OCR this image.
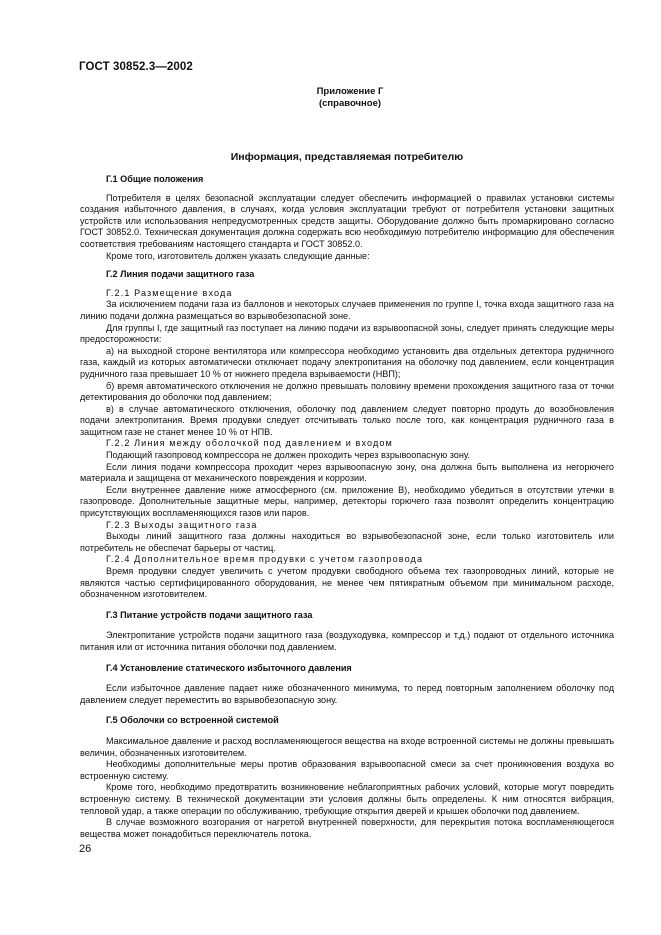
ГОСТ 30852.3—2002
Приложение Г
(справочное)
Информация, представляемая потребителю
Г.1 Общие положения

Потребителя в целях безопасной эксплуатации следует обеспечить информацией о правилах установки системы создания избыточного давления, в случаях, когда условия эксплуатации требуют от потребителя установки защитных устройств или использования непредусмотренных средств защиты. Оборудование должно быть промаркировано согласно ГОСТ 30852.0. Техническая документация должна содержать всю необходимую потребителю информацию для обеспечения соответствия требованиям настоящего стандарта и ГОСТ 30852.0.

Кроме того, изготовитель должен указать следующие данные:

Г.2 Линия подачи защитного газа
Г.2.1 Размещение входа

За исключением подачи газа из баллонов и некоторых случаев применения по группе I, точка входа защитного газа на линию подачи должна размещаться во взрывобезопасной зоне.

Для группы I, где защитный газ поступает на линию подачи из взрывоопасной зоны, следует принять следующие меры предосторожности:

а) на выходной стороне вентилятора или компрессора необходимо установить два отдельных детектора рудничного газа, каждый из которых автоматически отключает подачу электропитания на оболочку под давлением, если концентрация рудничного газа превышает 10 % от нижнего предела взрываемости (НВП);

б) время автоматического отключения не должно превышать половину времени прохождения защитного газа от точки детектирования до оболочки под давлением;

в) в случае автоматического отключения, оболочку под давлением следует повторно продуть до возобновления подачи электропитания. Время продувки следует отсчитывать только после того, как концентрация рудничного газа в защитном газе не станет менее 10 % от НПВ.

Г.2.2 Линия между оболочкой под давлением и входом

Подающий газопровод компрессора не должен проходить через взрывоопасную зону.

Если линия подачи компрессора проходит через взрывоопасную зону, она должна быть выполнена из негорючего материала и защищена от механического повреждения и коррозии.

Если внутреннее давление ниже атмосферного (см. приложение В), необходимо убедиться в отсутствии утечки в газопроводе. Дополнительные защитные меры, например, детекторы горючего газа позволят определить концентрацию присутствующих воспламеняющихся газов или паров.

Г.2.3 Выходы защитного газа

Выходы линий защитного газа должны находиться во взрывобезопасной зоне, если только изготовитель или потребитель не обеспечат барьеры от частиц.

Г.2.4 Дополнительное время продувки с учетом газопровода

Время продувки следует увеличить с учетом продувки свободного объема тех газопроводных линий, которые не являются частью сертифицированного оборудования, не менее чем пятикратным объемом при минимальном расходе, обозначенном изготовителем.

Г.3 Питание устройств подачи защитного газа

Электропитание устройств подачи защитного газа (воздуходувка, компрессор и т.д.) подают от отдельного источника питания или от источника питания оболочки под давлением.

Г.4 Установление статического избыточного давления

Если избыточное давление падает ниже обозначенного минимума, то перед повторным заполнением оболочку под давлением следует переместить во взрывобезопасную зону.

Г.5 Оболочки со встроенной системой

Максимальное давление и расход воспламеняющегося вещества на входе встроенной системы не должны превышать величин, обозначенных изготовителем.

Необходимы дополнительные меры против образования взрывоопасной смеси за счет проникновения воздуха во встроенную систему.

Кроме того, необходимо предотвратить возникновение неблагоприятных рабочих условий, которые могут повредить встроенную систему. В технической документации эти условия должны быть определены. К ним относятся вибрация, тепловой удар, а также операции по обслуживанию, требующие открытия дверей и крышек оболочки под давлением.

В случае возможного возгорания от нагретой внутренней поверхности, для перекрытия потока воспламеняющегося вещества может понадобиться переключатель потока.

26
